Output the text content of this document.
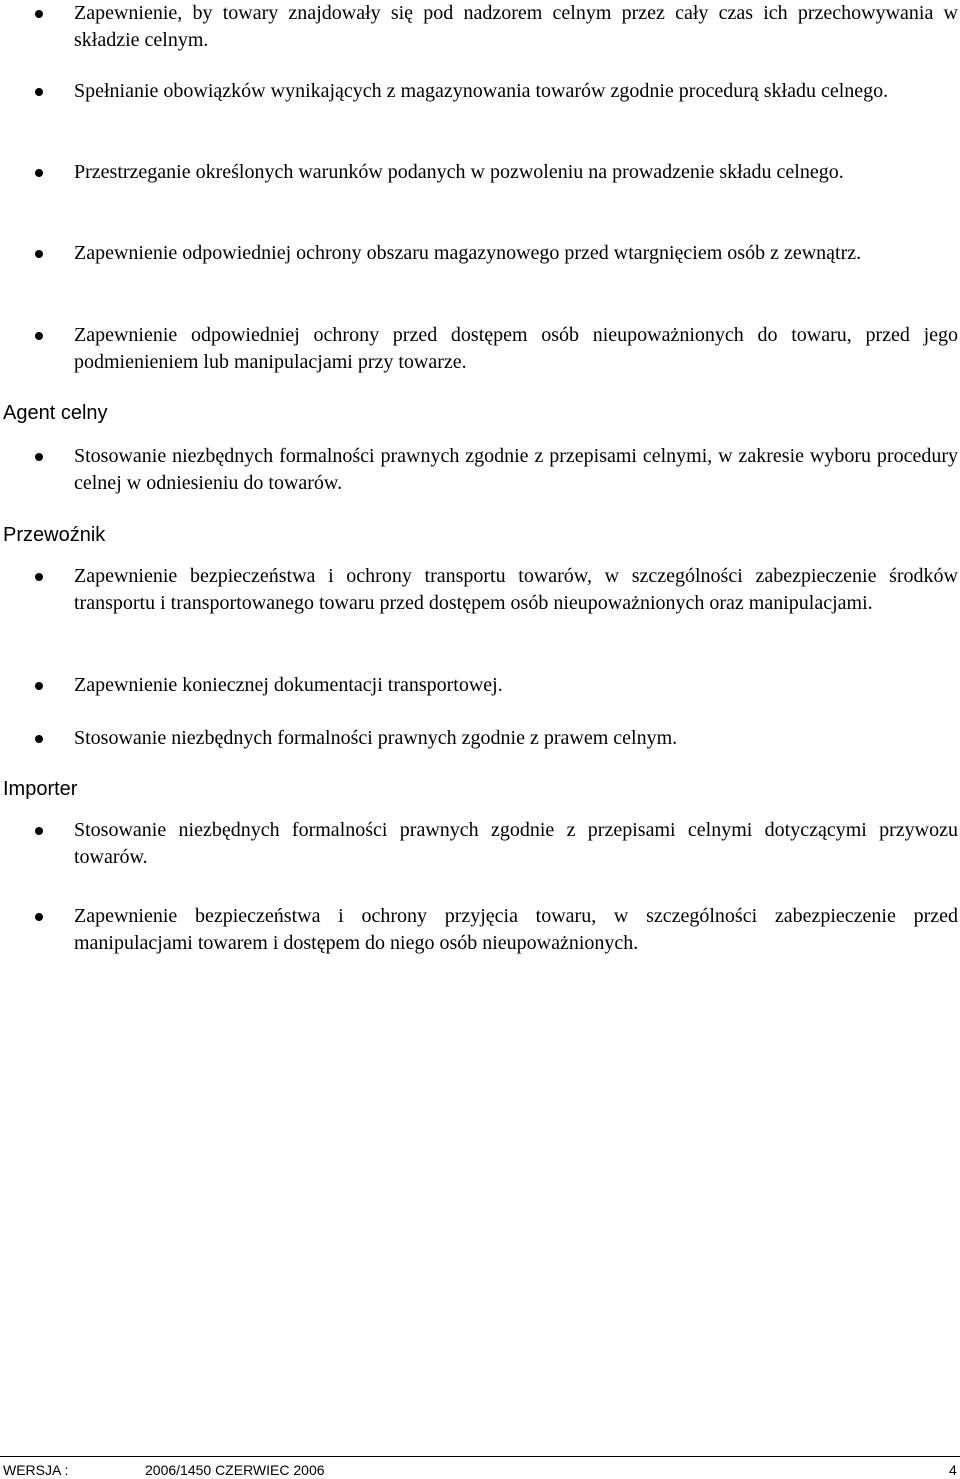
Zapewnienie, by towary znajdowały się pod nadzorem celnym przez cały czas ich przechowywania w składzie celnym.
Spełnianie obowiązków wynikających z magazynowania towarów zgodnie procedurą składu celnego.
Przestrzeganie określonych warunków podanych w pozwoleniu na prowadzenie składu celnego.
Zapewnienie odpowiedniej ochrony obszaru magazynowego przed wtargnięciem osób z zewnątrz.
Zapewnienie odpowiedniej ochrony przed dostępem osób nieupoważnionych do towaru, przed jego podmienieniem lub manipulacjami przy towarze.
Agent celny
Stosowanie niezbędnych formalności prawnych zgodnie z przepisami celnymi, w zakresie wyboru procedury celnej w odniesieniu do towarów.
Przewoźnik
Zapewnienie bezpieczeństwa i ochrony transportu towarów, w szczególności zabezpieczenie środków transportu i transportowanego towaru przed dostępem osób nieupoważnionych oraz manipulacjami.
Zapewnienie koniecznej dokumentacji transportowej.
Stosowanie niezbędnych formalności prawnych zgodnie z prawem celnym.
Importer
Stosowanie niezbędnych formalności prawnych zgodnie z przepisami celnymi dotyczącymi przywozu towarów.
Zapewnienie bezpieczeństwa i ochrony przyjęcia towaru, w szczególności zabezpieczenie przed manipulacjami towarem i dostępem do niego osób nieupoważnionych.
WERSJA :	2006/1450 CZERWIEC 2006	4
